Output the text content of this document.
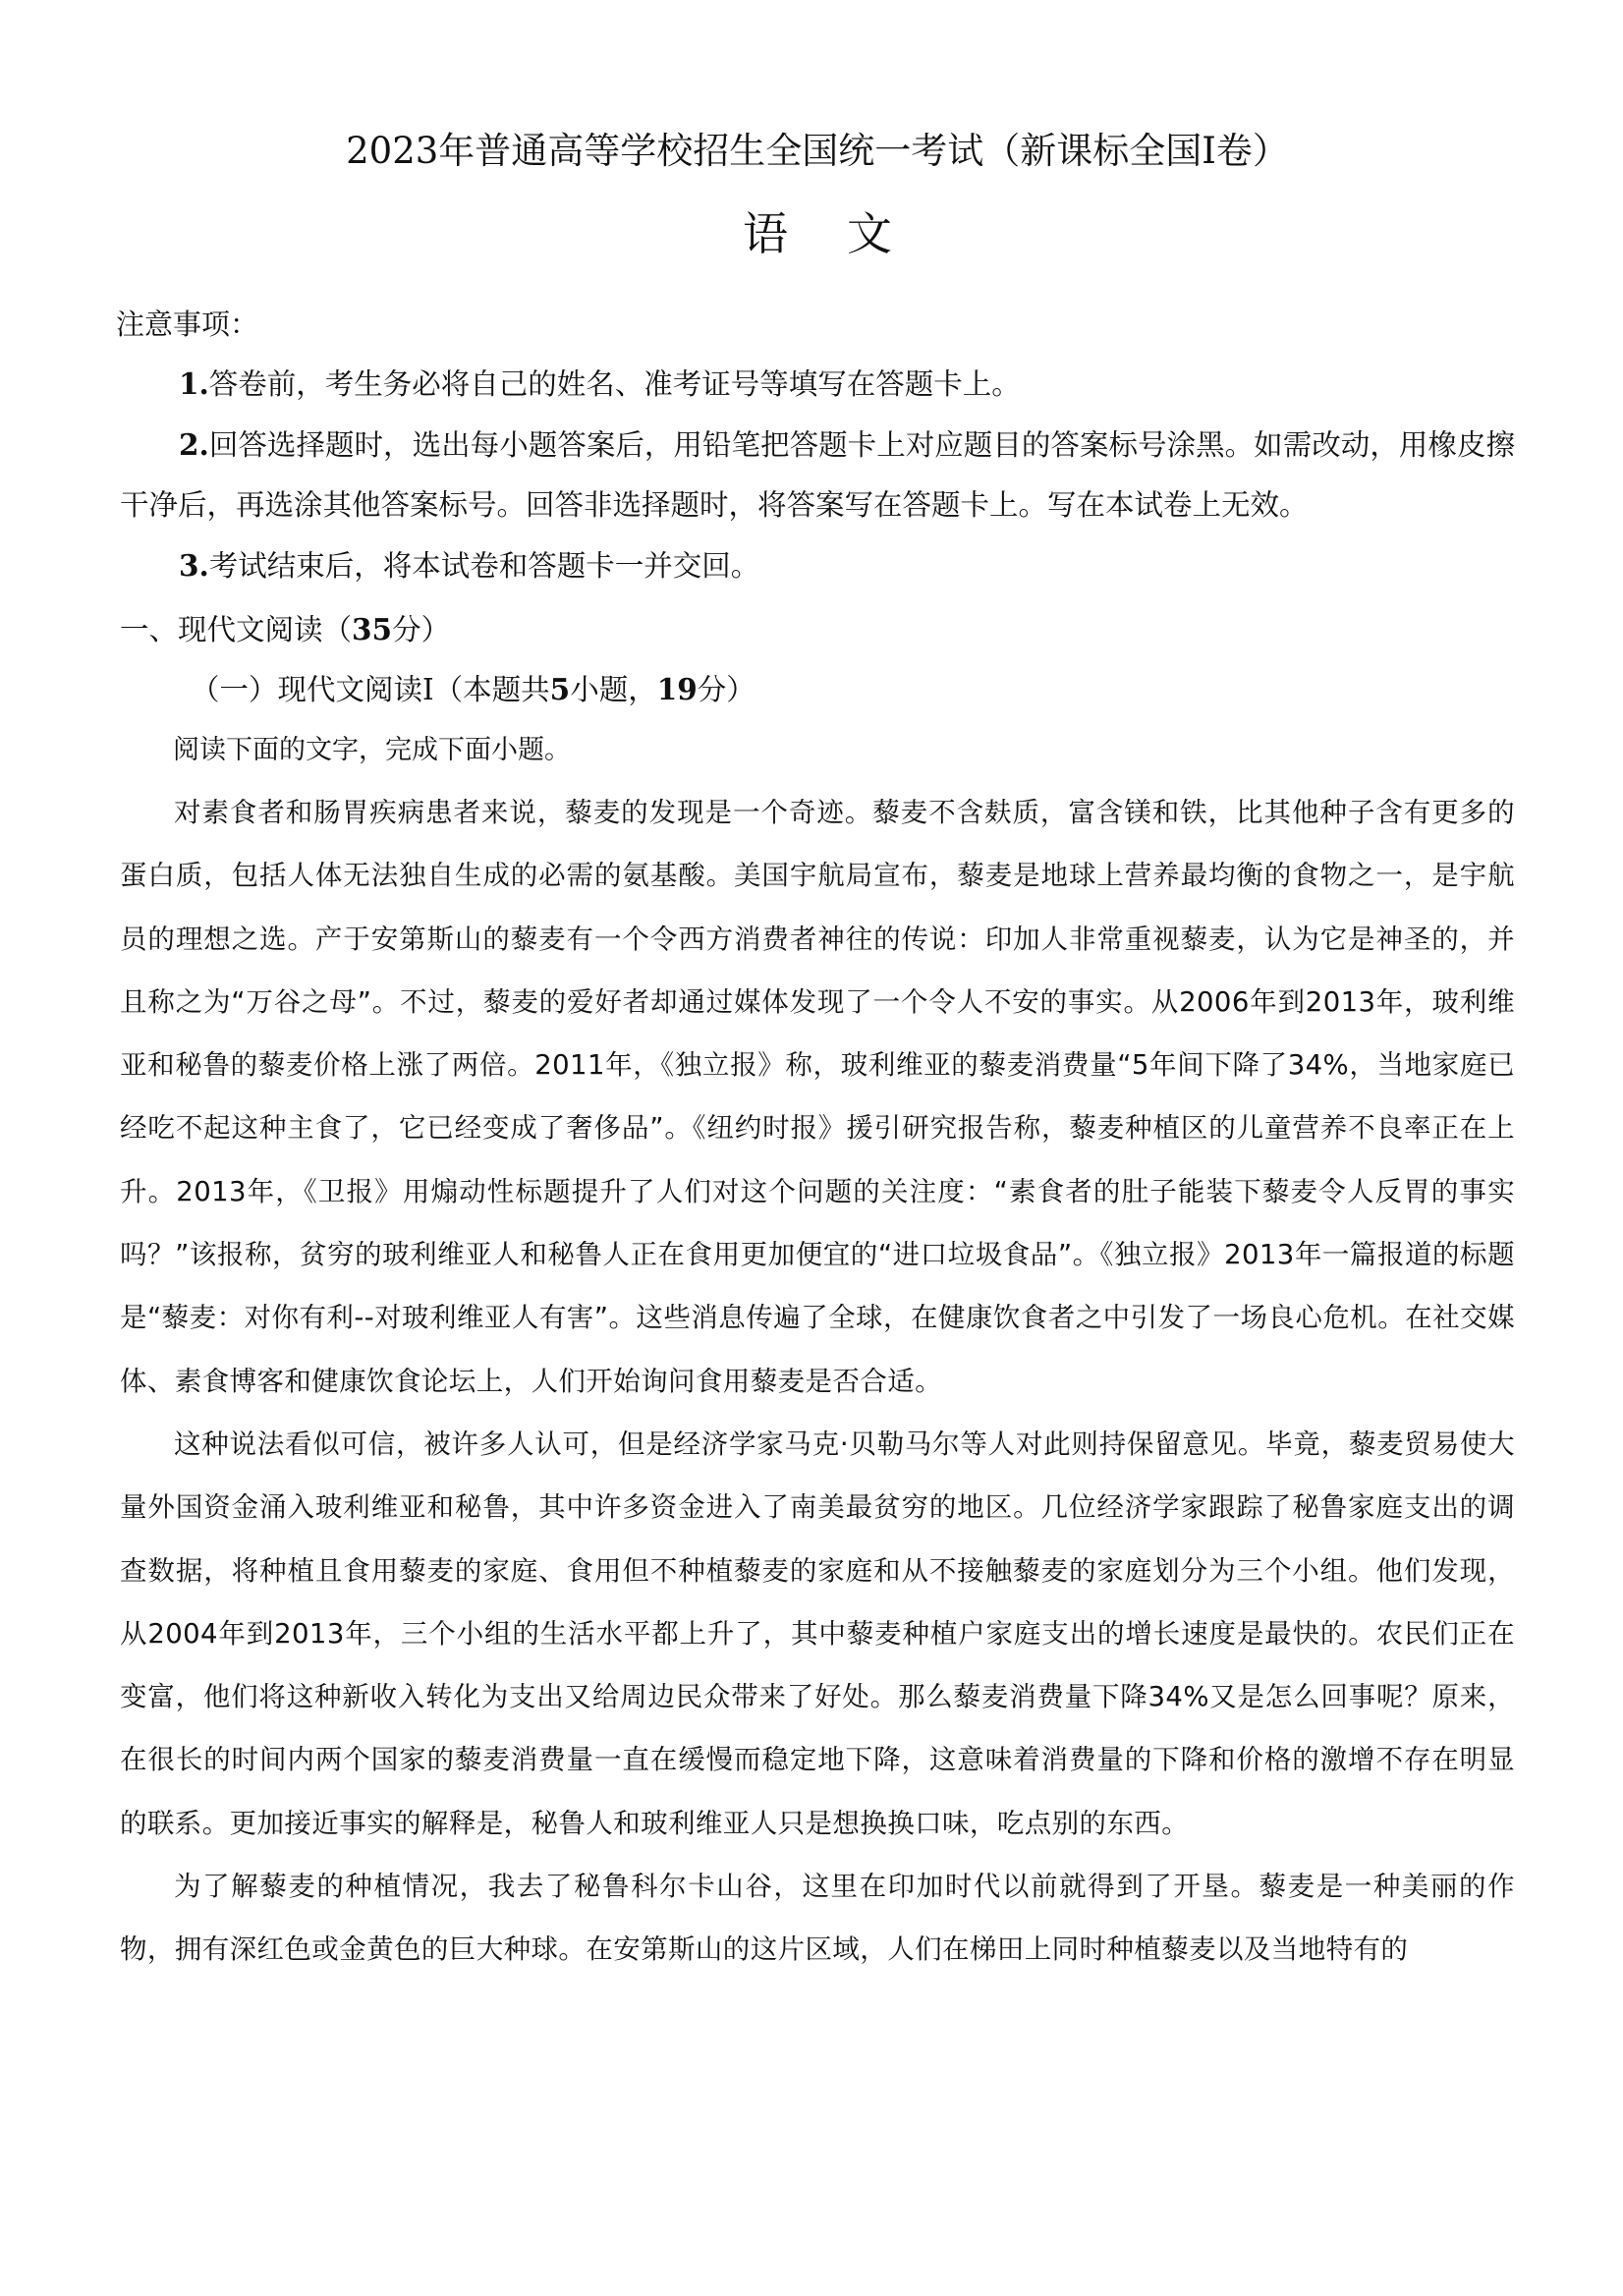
2023年普通高等学校招生全国统一考试（新课标全国Ⅰ卷）
语文
注意事项：

1.答卷前，考生务必将自己的姓名、准考证号等填写在答题卡上。

2.回答选择题时，选出每小题答案后，用铅笔把答题卡上对应题目的答案标号涂黑。如需改动，用橡皮擦干净后，再选涂其他答案标号。回答非选择题时，将答案写在答题卡上。写在本试卷上无效。

3.考试结束后，将本试卷和答题卡一并交回。

一、现代文阅读（35分）
（一）现代文阅读Ⅰ（本题共5小题，19分）
阅读下面的文字，完成下面小题。

对素食者和肠胃疾病患者来说，藜麦的发现是一个奇迹。藜麦不含麸质，富含镁和铁，比其他种子含有更多的蛋白质，包括人体无法独自生成的必需的氨基酸。美国宇航局宣布，藜麦是地球上营养最均衡的食物之一，是宇航员的理想之选。产于安第斯山的藜麦有一个令西方消费者神往的传说：印加人非常重视藜麦，认为它是神圣的，并且称之为“万谷之母”。不过，藜麦的爱好者却通过媒体发现了一个令人不安的事实。从2006年到2013年，玻利维亚和秘鲁的藜麦价格上涨了两倍。2011年，《独立报》称，玻利维亚的藜麦消费量“5年间下降了34%，当地家庭已经吃不起这种主食了，它已经变成了奢侈品”。《纽约时报》援引研究报告称，藜麦种植区的儿童营养不良率正在上升。2013年，《卫报》用煽动性标题提升了人们对这个问题的关注度：“素食者的肚子能装下藜麦令人反胃的事实吗？”该报称，贫穷的玻利维亚人和秘鲁人正在食用更加便宜的“进口垃圾食品”。《独立报》2013年一篇报道的标题是“藜麦：对你有利--对玻利维亚人有害”。这些消息传遍了全球，在健康饮食者之中引发了一场良心危机。在社交媒体、素食博客和健康饮食论坛上，人们开始询问食用藜麦是否合适。

这种说法看似可信，被许多人认可，但是经济学家马克·贝勒马尔等人对此则持保留意见。毕竟，藜麦贸易使大量外国资金涌入玻利维亚和秘鲁，其中许多资金进入了南美最贫穷的地区。几位经济学家跟踪了秘鲁家庭支出的调查数据，将种植且食用藜麦的家庭、食用但不种植藜麦的家庭和从不接触藜麦的家庭划分为三个小组。他们发现，从2004年到2013年，三个小组的生活水平都上升了，其中藜麦种植户家庭支出的增长速度是最快的。农民们正在变富，他们将这种新收入转化为支出又给周边民众带来了好处。那么藜麦消费量下降34%又是怎么回事呢？原来，在很长的时间内两个国家的藜麦消费量一直在缓慢而稳定地下降，这意味着消费量的下降和价格的激增不存在明显的联系。更加接近事实的解释是，秘鲁人和玻利维亚人只是想换换口味，吃点别的东西。

为了解藜麦的种植情况，我去了秘鲁科尔卡山谷，这里在印加时代以前就得到了开垦。藜麦是一种美丽的作物，拥有深红色或金黄色的巨大种球。在安第斯山的这片区域，人们在梯田上同时种植藜麦以及当地特有的
